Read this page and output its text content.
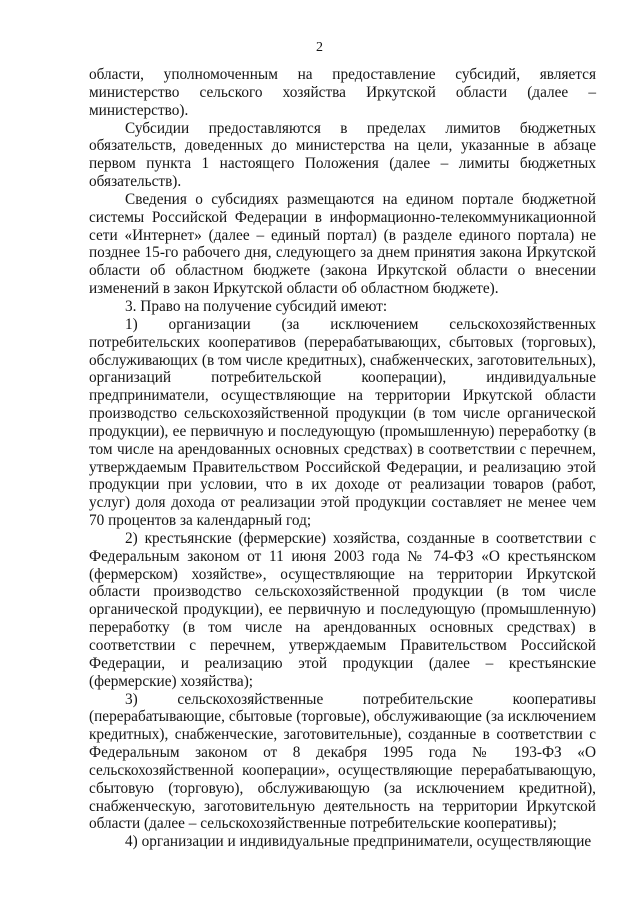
2

области, уполномоченным на предоставление субсидий, является министерство сельского хозяйства Иркутской области (далее – министерство).

Субсидии предоставляются в пределах лимитов бюджетных обязательств, доведенных до министерства на цели, указанные в абзаце первом пункта 1 настоящего Положения (далее – лимиты бюджетных обязательств).

Сведения о субсидиях размещаются на едином портале бюджетной системы Российской Федерации в информационно-телекоммуникационной сети «Интернет» (далее – единый портал) (в разделе единого портала) не позднее 15-го рабочего дня, следующего за днем принятия закона Иркутской области об областном бюджете (закона Иркутской области о внесении изменений в закон Иркутской области об областном бюджете).

3. Право на получение субсидий имеют:

1) организации (за исключением сельскохозяйственных потребительских кооперативов (перерабатывающих, сбытовых (торговых), обслуживающих (в том числе кредитных), снабженческих, заготовительных), организаций потребительской кооперации), индивидуальные предприниматели, осуществляющие на территории Иркутской области производство сельскохозяйственной продукции (в том числе органической продукции), ее первичную и последующую (промышленную) переработку (в том числе на арендованных основных средствах) в соответствии с перечнем, утверждаемым Правительством Российской Федерации, и реализацию этой продукции при условии, что в их доходе от реализации товаров (работ, услуг) доля дохода от реализации этой продукции составляет не менее чем 70 процентов за календарный год;

2) крестьянские (фермерские) хозяйства, созданные в соответствии с Федеральным законом от 11 июня 2003 года № 74-ФЗ «О крестьянском (фермерском) хозяйстве», осуществляющие на территории Иркутской области производство сельскохозяйственной продукции (в том числе органической продукции), ее первичную и последующую (промышленную) переработку (в том числе на арендованных основных средствах) в соответствии с перечнем, утверждаемым Правительством Российской Федерации, и реализацию этой продукции (далее – крестьянские (фермерские) хозяйства);

3) сельскохозяйственные потребительские кооперативы (перерабатывающие, сбытовые (торговые), обслуживающие (за исключением кредитных), снабженческие, заготовительные), созданные в соответствии с Федеральным законом от 8 декабря 1995 года № 193-ФЗ «О сельскохозяйственной кооперации», осуществляющие перерабатывающую, сбытовую (торговую), обслуживающую (за исключением кредитной), снабженческую, заготовительную деятельность на территории Иркутской области (далее – сельскохозяйственные потребительские кооперативы);

4) организации и индивидуальные предприниматели, осуществляющие
